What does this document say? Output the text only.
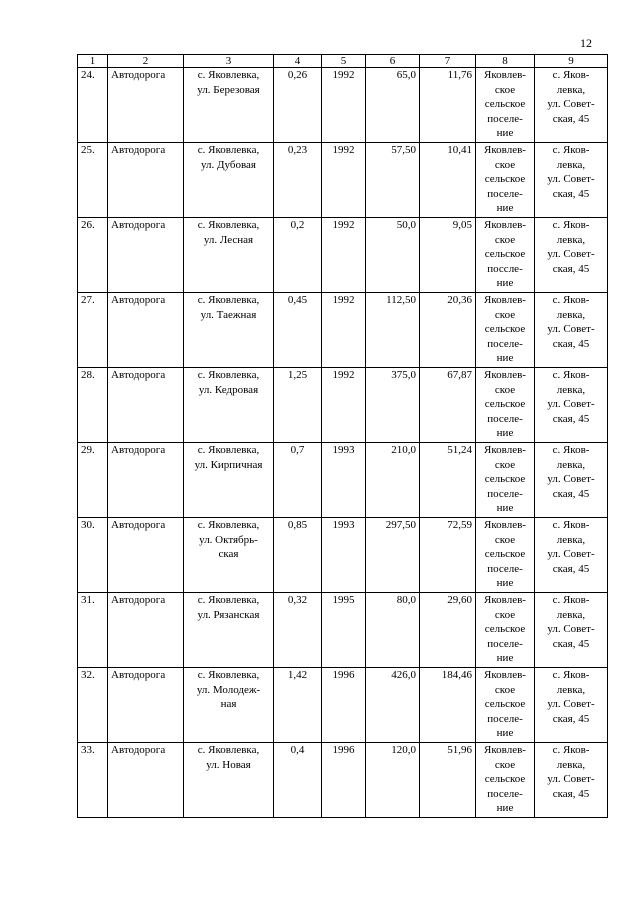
12
1	2	3	4	5	6	7	8	9
24.	Автодорога	с. Яковлевка,
ул. Березовая	0,26	1992	65,0	11,76	Яковлев-
ское
сельское
поселе-
ние	с. Яков-
левка,
ул. Совет-
ская, 45

25.	Автодорога	с. Яковлевка,
ул. Дубовая	0,23	1992	57,50	10,41	Яковлев-
ское
сельское
поселе-
ние	с. Яков-
левка,
ул. Совет-
ская, 45

26.	Автодорога	с. Яковлевка,
ул. Лесная	0,2	1992	50,0	9,05	Яковлев-
ское
сельское
поссле-
ние	с. Яков-
левка,
ул. Совет-
ская, 45

27.	Автодорога	с. Яковлевка,
ул. Таежная	0,45	1992	112,50	20,36	Яковлев-
ское
сельское
поселе-
ние	с. Яков-
левка,
ул. Совет-
ская, 45

28.	Автодорога	с. Яковлевка,
ул. Кедровая	1,25	1992	375,0	67,87	Яковлев-
ское
сельское
поселе-
ние	с. Яков-
левка,
ул. Совет-
ская, 45

29.	Автодорога	с. Яковлевка,
ул. Кирпичная	0,7	1993	210,0	51,24	Яковлев-
ское
сельское
поселе-
ние	с. Яков-
левка,
ул. Совет-
ская, 45

30.	Автодорога	с. Яковлевка,
ул. Октябрь-
ская	0,85	1993	297,50	72,59	Яковлев-
ское
сельское
поселе-
ние	с. Яков-
левка,
ул. Совет-
ская, 45

31.	Автодорога	с. Яковлевка,
ул. Рязанская	0,32	1995	80,0	29,60	Яковлев-
ское
сельское
поселе-
ние	с. Яков-
левка,
ул. Совет-
ская, 45

32.	Автодорога	с. Яковлевка,
ул. Молодеж-
ная	1,42	1996	426,0	184,46	Яковлев-
ское
сельское
поселе-
ние	с. Яков-
левка,
ул. Совет-
ская, 45

33.	Автодорога	с. Яковлевка,
ул. Новая	0,4	1996	120,0	51,96	Яковлев-
ское
сельское
поселе-
ние	с. Яков-
левка,
ул. Совет-
ская, 45
